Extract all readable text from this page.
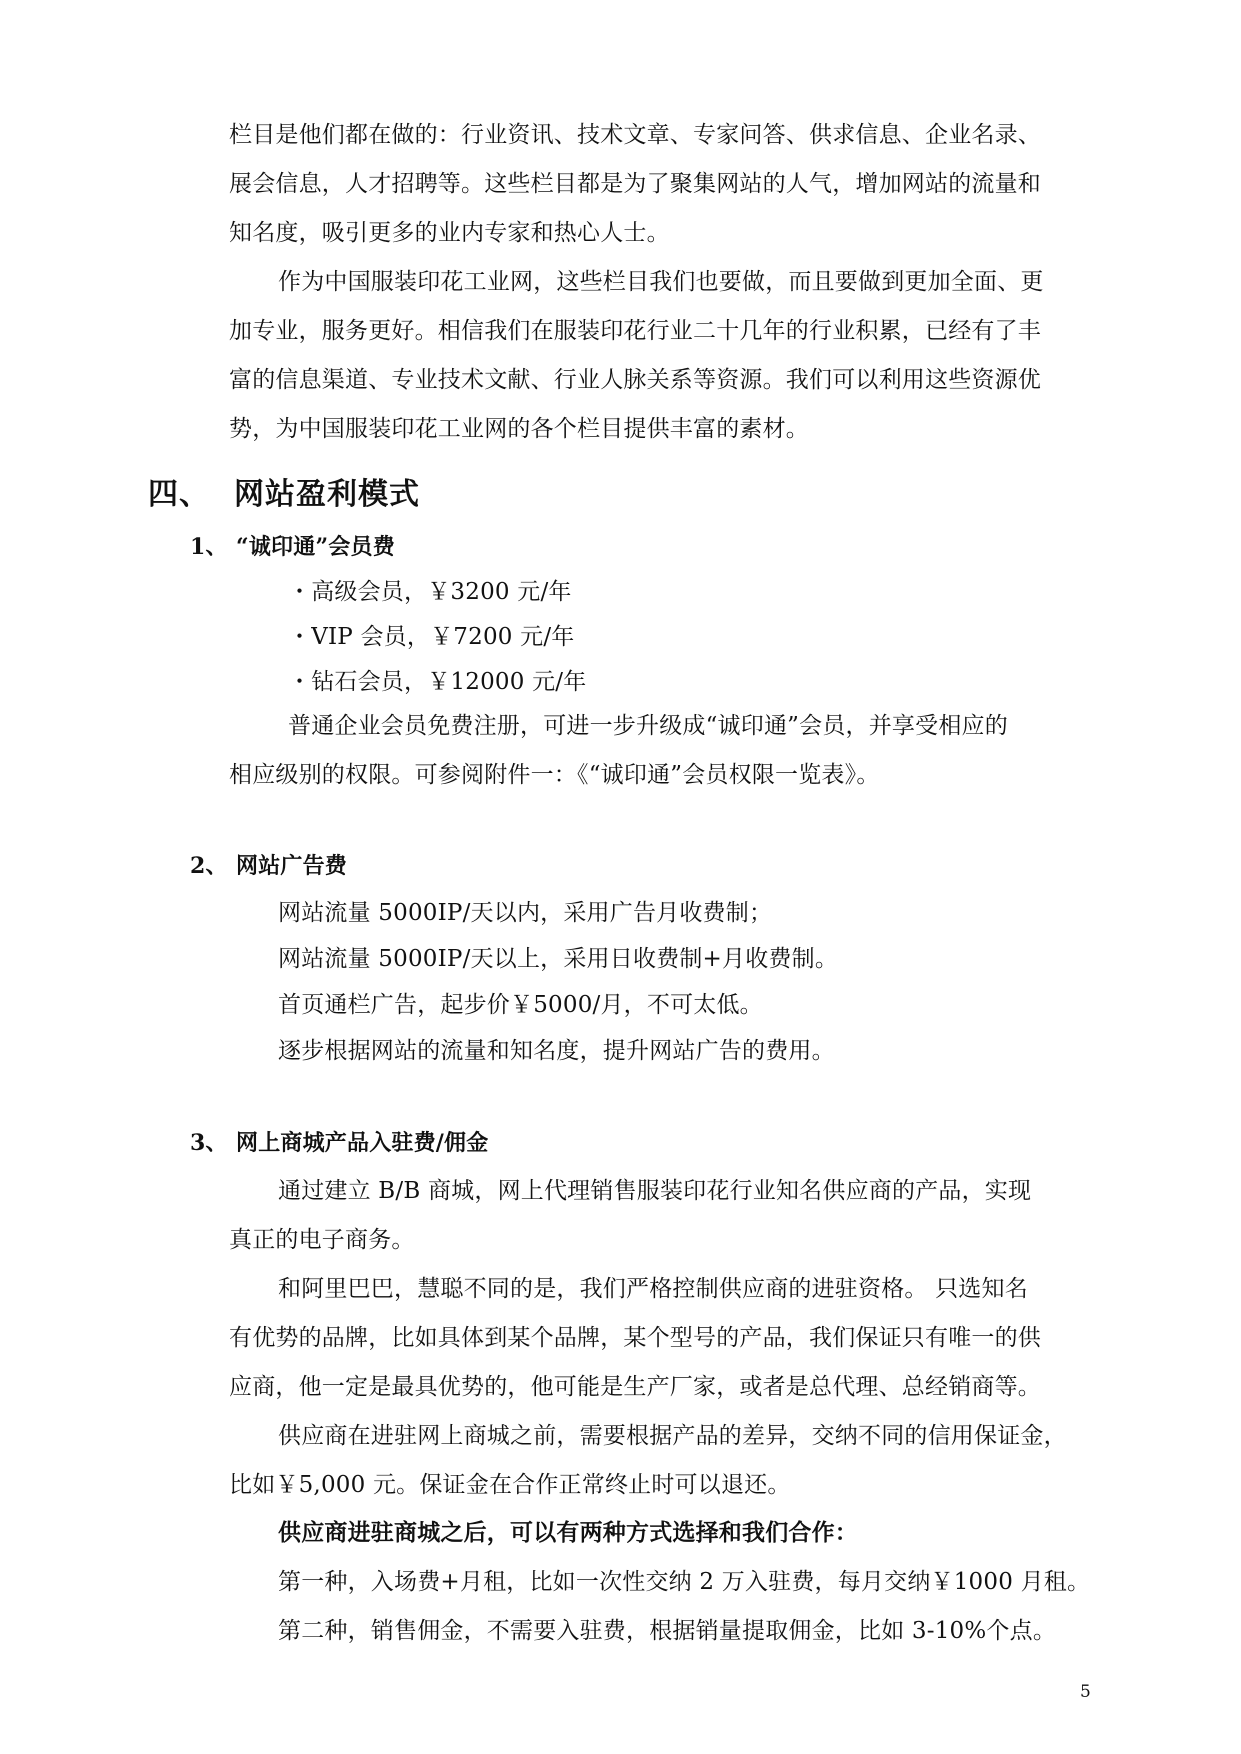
栏目是他们都在做的：行业资讯、技术文章、专家问答、供求信息、企业名录、

展会信息，人才招聘等。这些栏目都是为了聚集网站的人气，增加网站的流量和

知名度，吸引更多的业内专家和热心人士。

作为中国服装印花工业网，这些栏目我们也要做，而且要做到更加全面、更

加专业，服务更好。相信我们在服装印花行业二十几年的行业积累，已经有了丰

富的信息渠道、专业技术文献、行业人脉关系等资源。我们可以利用这些资源优

势，为中国服装印花工业网的各个栏目提供丰富的素材。

四、 网站盈利模式
1、 “诚印通”会员费

・高级会员，￥3200 元/年

・VIP 会员，￥7200 元/年

・钻石会员，￥12000 元/年

普通企业会员免费注册，可进一步升级成“诚印通”会员，并享受相应的

相应级别的权限。可参阅附件一：《“诚印通”会员权限一览表》。

2、 网站广告费

网站流量 5000IP/天以内，采用广告月收费制；

网站流量 5000IP/天以上，采用日收费制+月收费制。

首页通栏广告，起步价￥5000/月，不可太低。

逐步根据网站的流量和知名度，提升网站广告的费用。

3、 网上商城产品入驻费/佣金

通过建立 B/B 商城，网上代理销售服装印花行业知名供应商的产品，实现

真正的电子商务。

和阿里巴巴，慧聪不同的是，我们严格控制供应商的进驻资格。 只选知名

有优势的品牌，比如具体到某个品牌，某个型号的产品，我们保证只有唯一的供

应商，他一定是最具优势的，他可能是生产厂家，或者是总代理、总经销商等。

供应商在进驻网上商城之前，需要根据产品的差异，交纳不同的信用保证金，

比如￥5,000 元。保证金在合作正常终止时可以退还。

供应商进驻商城之后，可以有两种方式选择和我们合作：

第一种，入场费+月租，比如一次性交纳 2 万入驻费，每月交纳￥1000 月租。

第二种，销售佣金，不需要入驻费，根据销量提取佣金，比如 3-10%个点。

5
